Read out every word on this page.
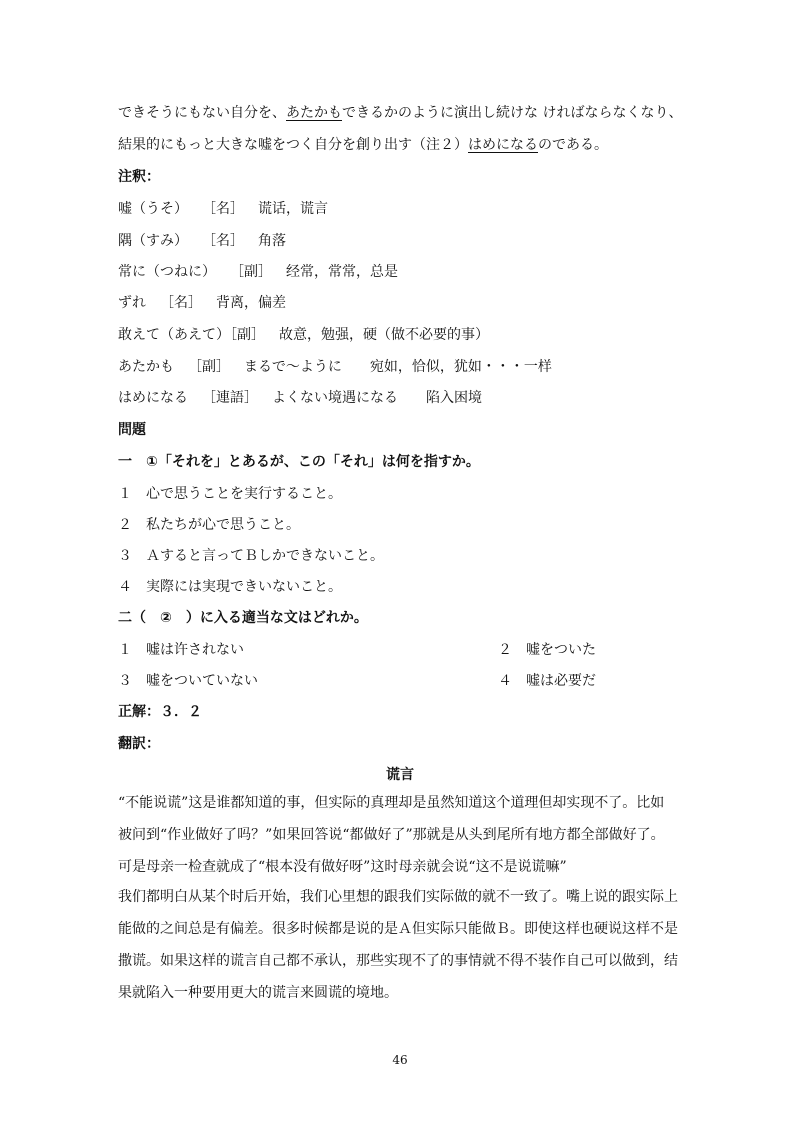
できそうにもない自分を、あたかもできるかのように演出し続けな ければならなくなり、
結果的にもっと大きな嘘をつく自分を創り出す（注２）はめになるのである。
注釈：
嘘（うそ） ［名］ 谎话，谎言
隅（すみ） ［名］ 角落
常に（つねに） ［副］ 经常，常常，总是
ずれ ［名］ 背离，偏差
敢えて（あえて）［副］ 故意，勉强，硬（做不必要的事）
あたかも ［副］ まるで～ように 宛如，恰似，犹如・・・一样
はめになる ［連語］ よくない境遇になる 陷入困境
問題
一　①「それを」とあるが、この「それ」は何を指すか。
１　心で思うことを実行すること。
２　私たちが心で思うこと。
３　Ａすると言ってＢしかできないこと。
４　実際には実現できいないこと。
二（　②　）に入る適当な文はどれか。
１　嘘は许されない	２　嘘をついた
３　嘘をついていない	４　嘘は必要だ
正解：３．２
翻訳：
谎言
“不能说谎”这是谁都知道的事，但实际的真理却是虽然知道这个道理但却实现不了。比如
被问到“作业做好了吗？”如果回答说“都做好了”那就是从头到尾所有地方都全部做好了。
可是母亲一检查就成了“根本没有做好呀”这时母亲就会说“这不是说谎嘛”
我们都明白从某个时后开始，我们心里想的跟我们实际做的就不一致了。嘴上说的跟实际上
能做的之间总是有偏差。很多时候都是说的是Ａ但实际只能做Ｂ。即使这样也硬说这样不是
撒谎。如果这样的谎言自己都不承认，那些实现不了的事情就不得不装作自己可以做到，结
果就陷入一种要用更大的谎言来圆谎的境地。
46
